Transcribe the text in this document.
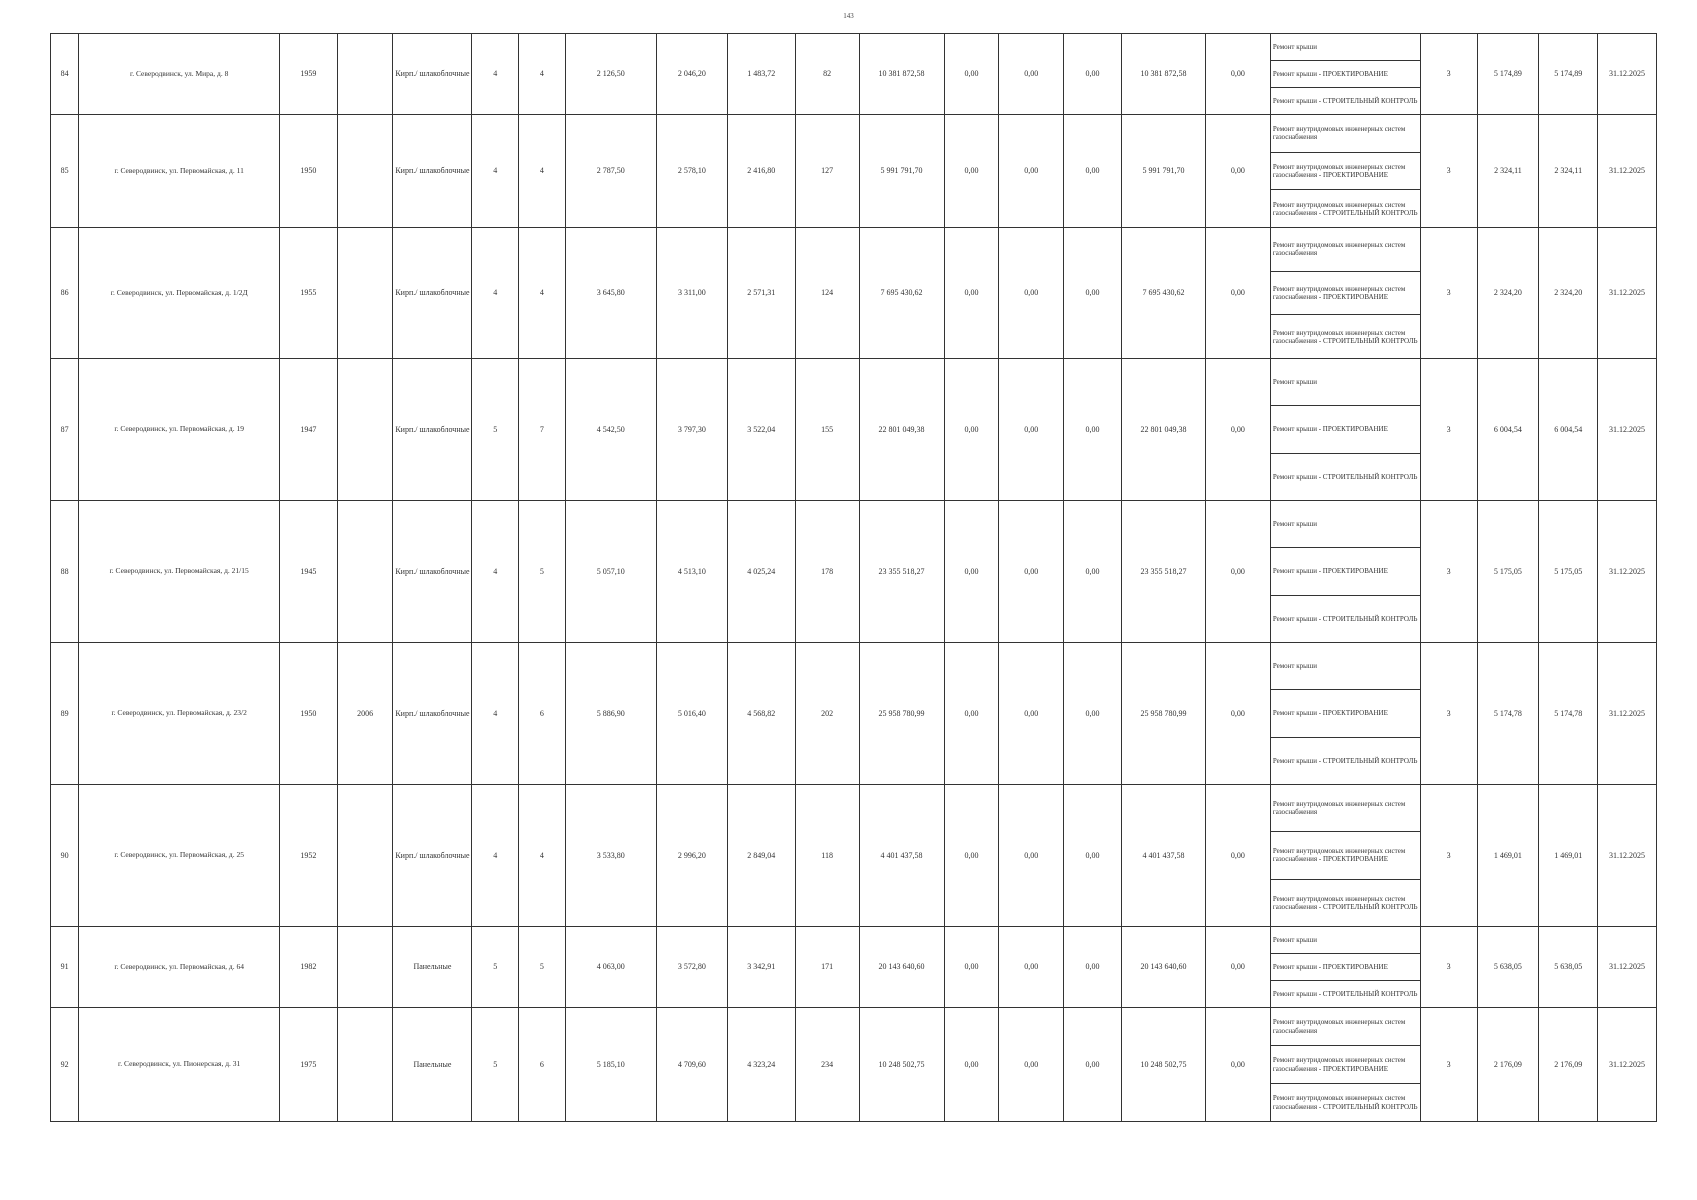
143
84	г. Северодвинск, ул. Мира, д. 8	1959		Кирп./ шлакоблочные	4	4	2 126,50	2 046,20	1 483,72	82	10 381 872,58	0,00	0,00	0,00	10 381 872,58	0,00	Ремонт крыши
Ремонт крыши - ПРОЕКТИРОВАНИЕ
Ремонт крыши - СТРОИТЕЛЬНЫЙ КОНТРОЛЬ	3	5 174,89	5 174,89	31.12.2025
85	г. Северодвинск, ул. Первомайская, д. 11	1950		Кирп./ шлакоблочные	4	4	2 787,50	2 578,10	2 416,80	127	5 991 791,70	0,00	0,00	0,00	5 991 791,70	0,00	Ремонт внутридомовых инженерных систем газоснабжения
Ремонт внутридомовых инженерных систем газоснабжения - ПРОЕКТИРОВАНИЕ
Ремонт внутридомовых инженерных систем газоснабжения - СТРОИТЕЛЬНЫЙ КОНТРОЛЬ	3	2 324,11	2 324,11	31.12.2025
86	г. Северодвинск, ул. Первомайская, д. 1/2Д	1955		Кирп./ шлакоблочные	4	4	3 645,80	3 311,00	2 571,31	124	7 695 430,62	0,00	0,00	0,00	7 695 430,62	0,00	Ремонт внутридомовых инженерных систем газоснабжения
Ремонт внутридомовых инженерных систем газоснабжения - ПРОЕКТИРОВАНИЕ
Ремонт внутридомовых инженерных систем газоснабжения - СТРОИТЕЛЬНЫЙ КОНТРОЛЬ	3	2 324,20	2 324,20	31.12.2025
87	г. Северодвинск, ул. Первомайская, д. 19	1947		Кирп./ шлакоблочные	5	7	4 542,50	3 797,30	3 522,04	155	22 801 049,38	0,00	0,00	0,00	22 801 049,38	0,00	Ремонт крыши
Ремонт крыши - ПРОЕКТИРОВАНИЕ
Ремонт крыши - СТРОИТЕЛЬНЫЙ КОНТРОЛЬ	3	6 004,54	6 004,54	31.12.2025
88	г. Северодвинск, ул. Первомайская, д. 21/15	1945		Кирп./ шлакоблочные	4	5	5 057,10	4 513,10	4 025,24	178	23 355 518,27	0,00	0,00	0,00	23 355 518,27	0,00	Ремонт крыши
Ремонт крыши - ПРОЕКТИРОВАНИЕ
Ремонт крыши - СТРОИТЕЛЬНЫЙ КОНТРОЛЬ	3	5 175,05	5 175,05	31.12.2025
89	г. Северодвинск, ул. Первомайская, д. 23/2	1950	2006	Кирп./ шлакоблочные	4	6	5 886,90	5 016,40	4 568,82	202	25 958 780,99	0,00	0,00	0,00	25 958 780,99	0,00	Ремонт крыши
Ремонт крыши - ПРОЕКТИРОВАНИЕ
Ремонт крыши - СТРОИТЕЛЬНЫЙ КОНТРОЛЬ	3	5 174,78	5 174,78	31.12.2025
90	г. Северодвинск, ул. Первомайская, д. 25	1952		Кирп./ шлакоблочные	4	4	3 533,80	2 996,20	2 849,04	118	4 401 437,58	0,00	0,00	0,00	4 401 437,58	0,00	Ремонт внутридомовых инженерных систем газоснабжения
Ремонт внутридомовых инженерных систем газоснабжения - ПРОЕКТИРОВАНИЕ
Ремонт внутридомовых инженерных систем газоснабжения - СТРОИТЕЛЬНЫЙ КОНТРОЛЬ	3	1 469,01	1 469,01	31.12.2025
91	г. Северодвинск, ул. Первомайская, д. 64	1982		Панельные	5	5	4 063,00	3 572,80	3 342,91	171	20 143 640,60	0,00	0,00	0,00	20 143 640,60	0,00	Ремонт крыши
Ремонт крыши - ПРОЕКТИРОВАНИЕ
Ремонт крыши - СТРОИТЕЛЬНЫЙ КОНТРОЛЬ	3	5 638,05	5 638,05	31.12.2025
92	г. Северодвинск, ул. Пионерская, д. 31	1975		Панельные	5	6	5 185,10	4 709,60	4 323,24	234	10 248 502,75	0,00	0,00	0,00	10 248 502,75	0,00	Ремонт внутридомовых инженерных систем газоснабжения
Ремонт внутридомовых инженерных систем газоснабжения - ПРОЕКТИРОВАНИЕ
Ремонт внутридомовых инженерных систем газоснабжения - СТРОИТЕЛЬНЫЙ КОНТРОЛЬ	3	2 176,09	2 176,09	31.12.2025
